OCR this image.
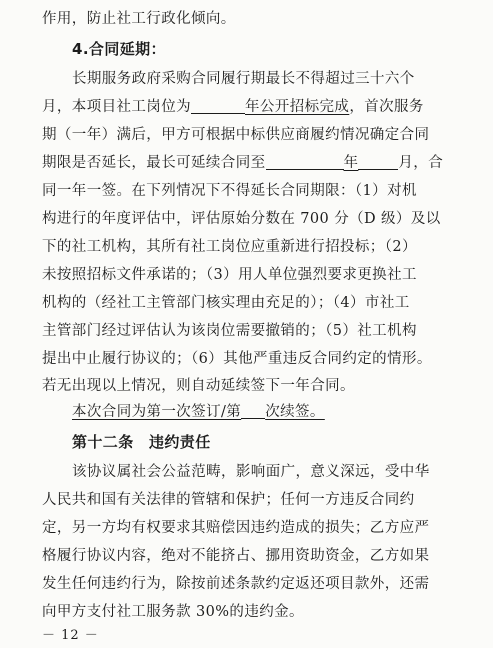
作用，防止社工行政化倾向。
4.合同延期：
长期服务政府采购合同履行期最长不得超过三十六个
月，本项目社工岗位为	年公开招标完成，首次服务
期（一年）满后，甲方可根据中标供应商履约情况确定合同
期限是否延长，最长可延续合同至	年	月，合
同一年一签。在下列情况下不得延长合同期限：（1）对机
构进行的年度评估中，评估原始分数在 700 分（D 级）及以
下的社工机构，其所有社工岗位应重新进行招投标；（2）
未按照招标文件承诺的；（3）用人单位强烈要求更换社工
机构的（经社工主管部门核实理由充足的）；（4）市社工
主管部门经过评估认为该岗位需要撤销的；（5）社工机构
提出中止履行协议的；（6）其他严重违反合同约定的情形。
若无出现以上情况，则自动延续签下一年合同。
本次合同为第一次签订/第 次续签。
第十二条　违约责任
该协议属社会公益范畴，影响面广，意义深远，受中华
人民共和国有关法律的管辖和保护；任何一方违反合同约
定，另一方均有权要求其赔偿因违约造成的损失；乙方应严
格履行协议内容，绝对不能挤占、挪用资助资金，乙方如果
发生任何违约行为，除按前述条款约定返还项目款外，还需
向甲方支付社工服务款 30%的违约金。
－ 12 －
